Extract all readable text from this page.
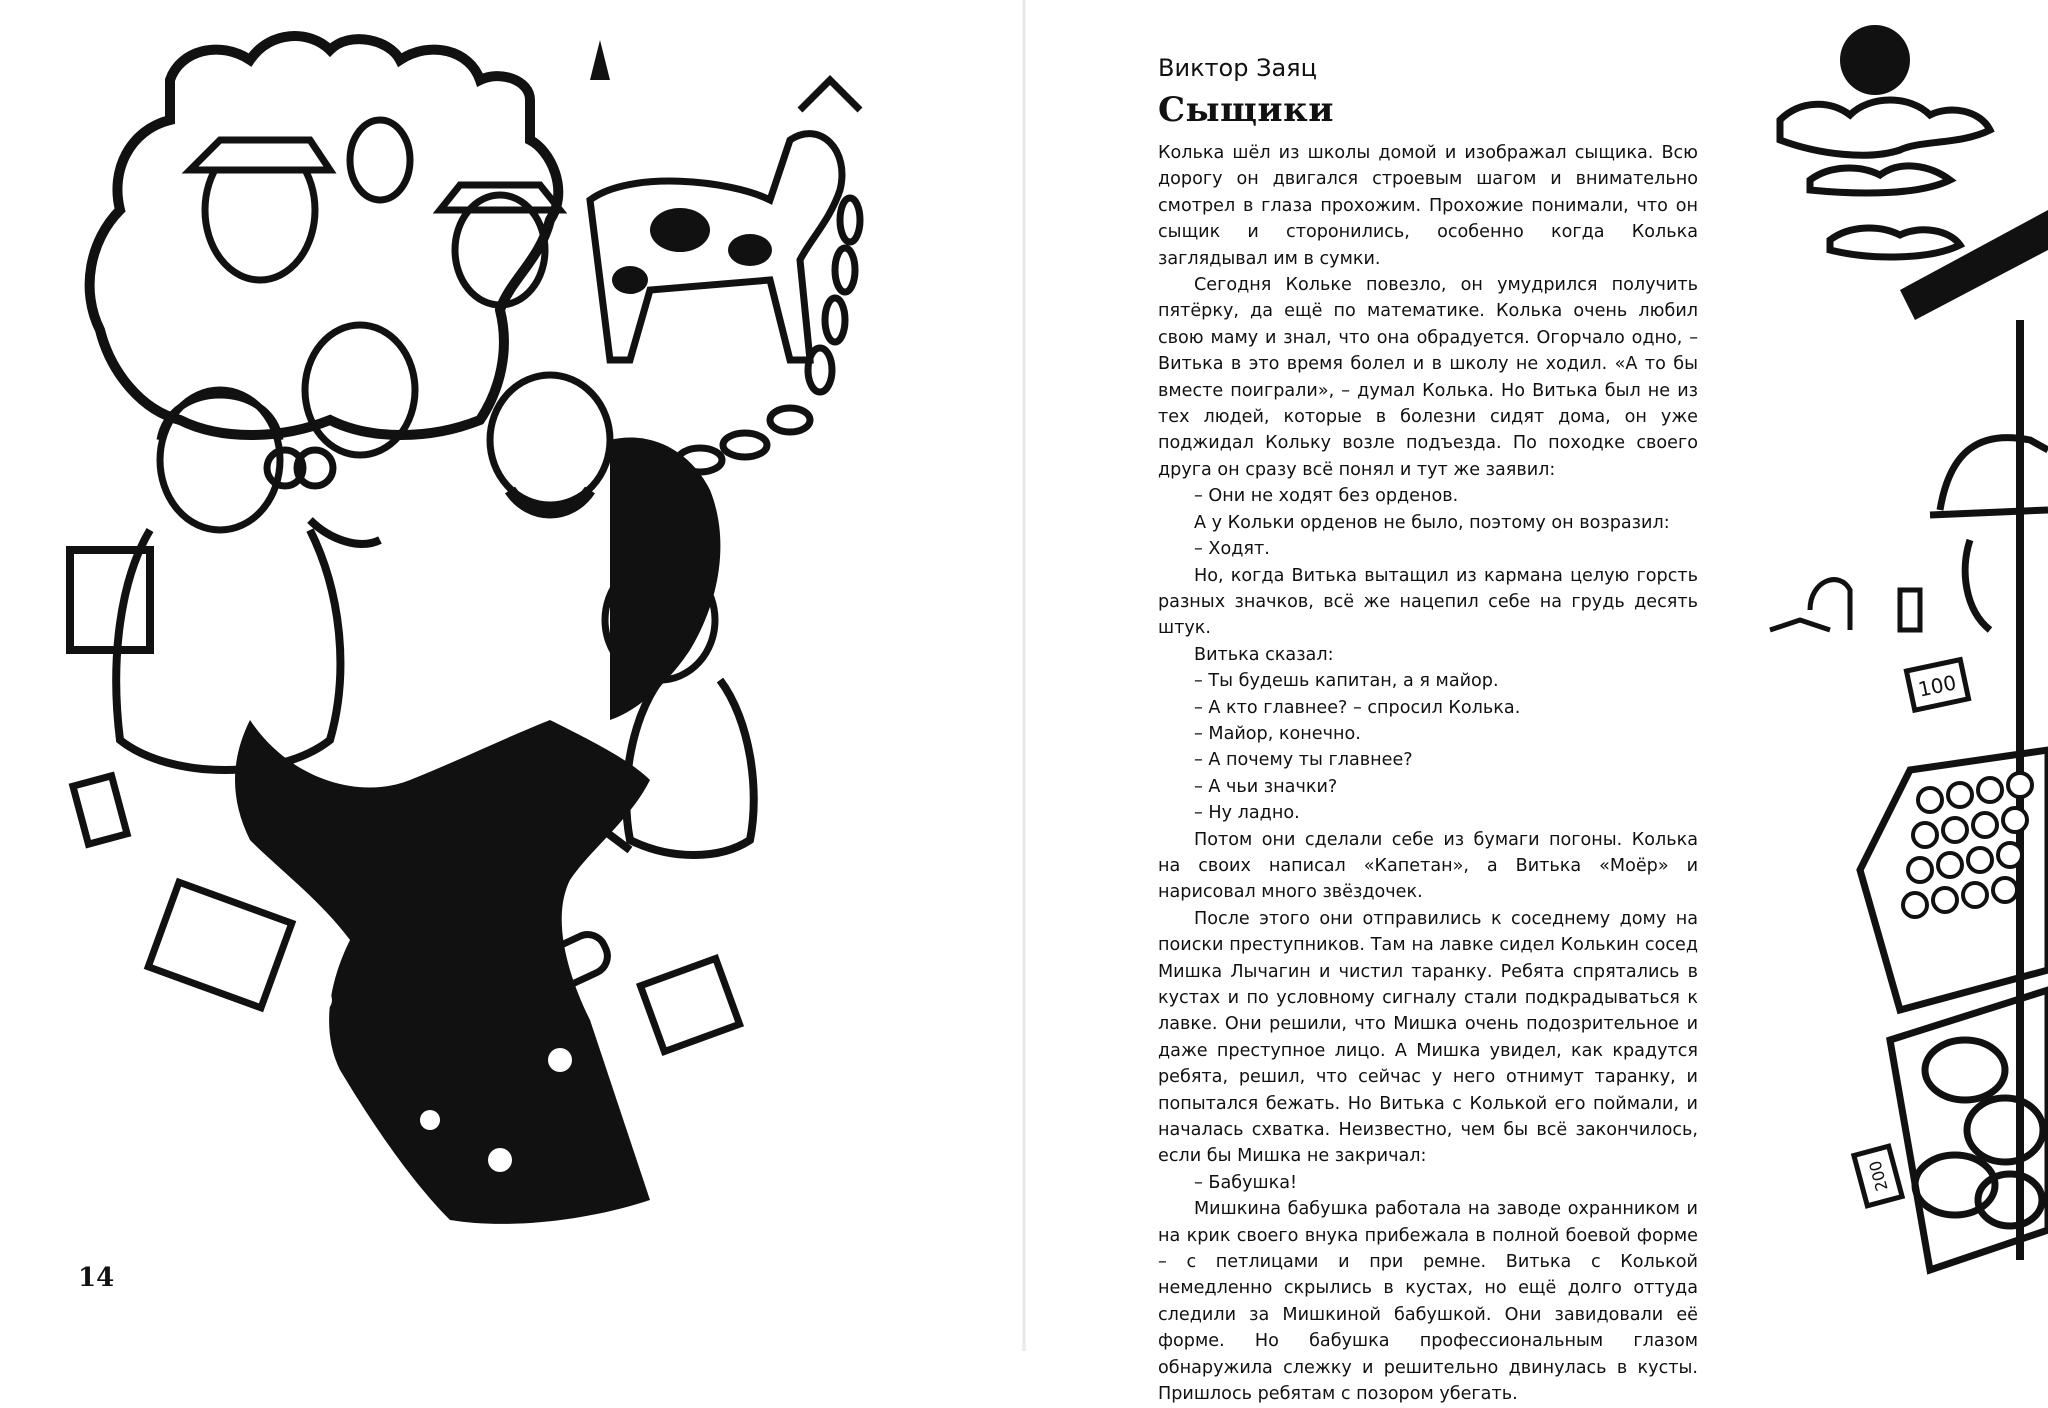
14
Виктор Заяц
Сыщики

Колька шёл из школы домой и изображал сыщика. Всю дорогу он двигался строевым шагом и внимательно смотрел в глаза прохожим. Прохожие понимали, что он сыщик и сторонились, особенно когда Колька заглядывал им в сумки.

Сегодня Кольке повезло, он умудрился получить пятёрку, да ещё по математике. Колька очень любил свою маму и знал, что она обрадуется. Огорчало одно, – Витька в это время болел и в школу не ходил. «А то бы вместе поиграли», – думал Колька. Но Витька был не из тех людей, которые в болезни сидят дома, он уже поджидал Кольку возле подъезда. По походке своего друга он сразу всё понял и тут же заявил:

– Они не ходят без орденов.

А у Кольки орденов не было, поэтому он возразил:

– Ходят.

Но, когда Витька вытащил из кармана целую горсть разных значков, всё же нацепил себе на грудь десять штук.

Витька сказал:

– Ты будешь капитан, а я майор.

– А кто главнее? – спросил Колька.

– Майор, конечно.

– А почему ты главнее?

– А чьи значки?

– Ну ладно.

Потом они сделали себе из бумаги погоны. Колька на своих написал «Капетан», а Витька «Моёр» и нарисовал много звёздочек.

После этого они отправились к соседнему дому на поиски преступников. Там на лавке сидел Колькин сосед Мишка Лычагин и чистил таранку. Ребята спрятались в кустах и по условному сигналу стали подкрадываться к лавке. Они решили, что Мишка очень подозрительное и даже преступное лицо. А Мишка увидел, как крадутся ребята, решил, что сейчас у него отнимут таранку, и попытался бежать. Но Витька с Колькой его поймали, и началась схватка. Неизвестно, чем бы всё закончилось, если бы Мишка не закричал:

– Бабушка!

Мишкина бабушка работала на заводе охранником и на крик своего внука прибежала в полной боевой форме – с петлицами и при ремне. Витька с Колькой немедленно скрылись в кустах, но ещё долго оттуда следили за Мишкиной бабушкой. Они завидовали её форме. Но бабушка профессиональным глазом обнаружила слежку и решительно двинулась в кусты. Пришлось ребятам с позором убегать.

100
200
